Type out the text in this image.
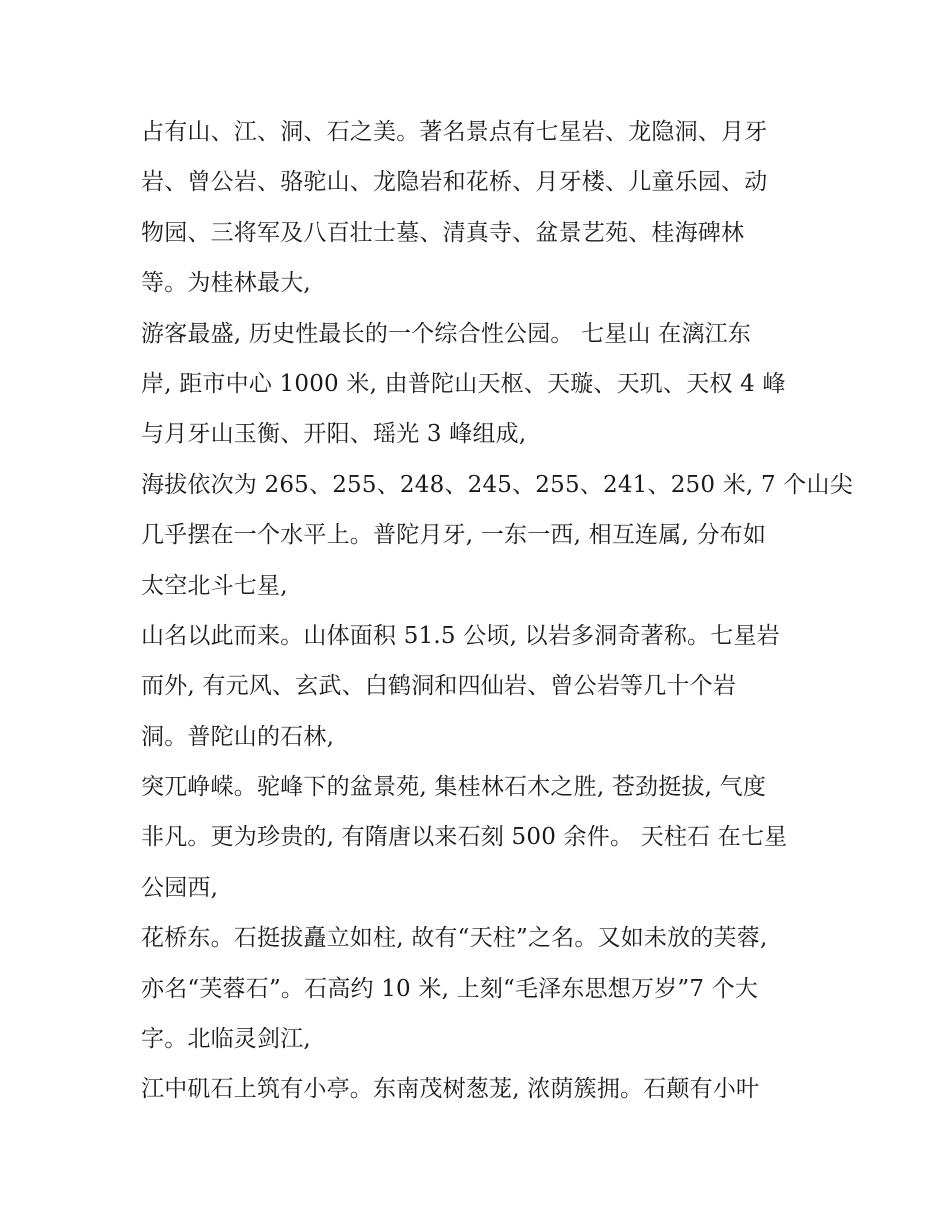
占有山、江、洞、石之美。著名景点有七星岩、龙隐洞、月牙
岩、曾公岩、骆驼山、龙隐岩和花桥、月牙楼、儿童乐园、动
物园、三将军及八百壮士墓、清真寺、盆景艺苑、桂海碑林
等。为桂林最大,
游客最盛, 历史性最长的一个综合性公园。 七星山 在漓江东
岸, 距市中心 1000 米, 由普陀山天枢、天璇、天玑、天权 4 峰
与月牙山玉衡、开阳、瑶光 3 峰组成,
海拔依次为 265、255、248、245、255、241、250 米, 7 个山尖
几乎摆在一个水平上。普陀月牙, 一东一西, 相互连属, 分布如
太空北斗七星,
山名以此而来。山体面积 51.5 公顷, 以岩多洞奇著称。七星岩
而外, 有元风、玄武、白鹤洞和四仙岩、曾公岩等几十个岩
洞。普陀山的石林,
突兀峥嵘。驼峰下的盆景苑, 集桂林石木之胜, 苍劲挺拔, 气度
非凡。更为珍贵的, 有隋唐以来石刻 500 余件。 天柱石 在七星
公园西,
花桥东。石挺拔矗立如柱, 故有“天柱”之名。又如未放的芙蓉,
亦名“芙蓉石”。石高约 10 米, 上刻“毛泽东思想万岁”7 个大
字。北临灵剑江,
江中矶石上筑有小亭。东南茂树葱茏, 浓荫簇拥。石颠有小叶
